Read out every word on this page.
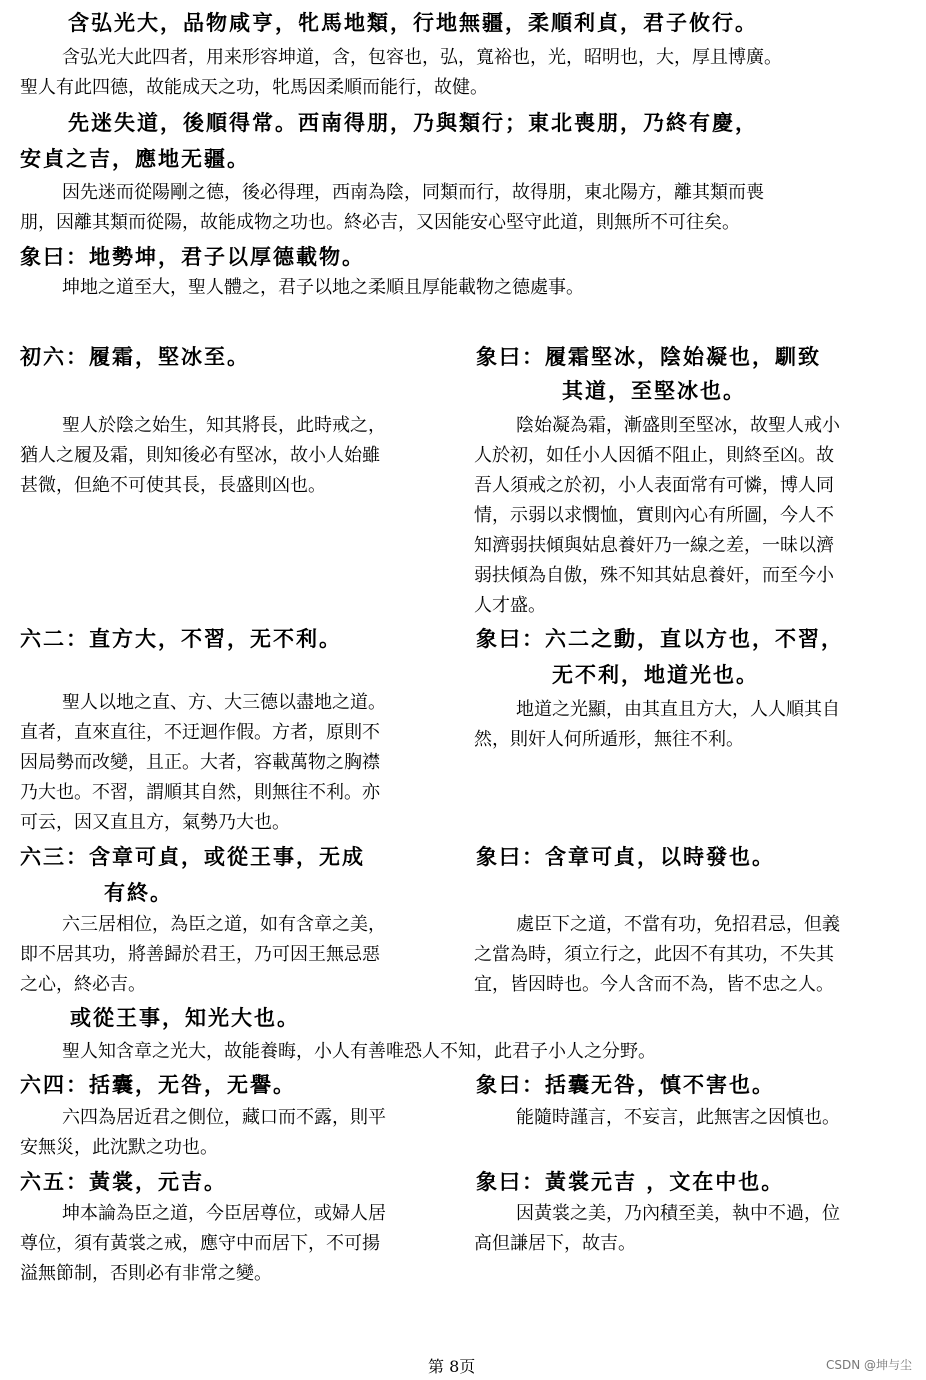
含弘光大，品物咸亨，牝馬地類，行地無疆，柔順利貞，君子攸行。
含弘光大此四者，用来形容坤道，含，包容也，弘，寬裕也，光，昭明也，大，厚且博廣。
聖人有此四德，故能成天之功，牝馬因柔順而能行，故健。
先迷失道，後順得常。西南得朋，乃與類行；東北喪朋，乃終有慶，
安貞之吉，應地无疆。
因先迷而從陽剛之德，後必得理，西南為陰，同類而行，故得朋，東北陽方，離其類而喪
朋，因離其類而從陽，故能成物之功也。終必吉，又因能安心堅守此道，則無所不可往矣。
象曰：地勢坤，君子以厚德載物。
坤地之道至大，聖人體之，君子以地之柔順且厚能載物之德處事。
初六：履霜，堅冰至。	象曰：履霜堅冰，陰始凝也，馴致
其道，至堅冰也。
聖人於陰之始生，知其將長，此時戒之，
猶人之履及霜，則知後必有堅冰，故小人始雖
甚微，但絶不可使其長，長盛則凶也。
陰始凝為霜，漸盛則至堅冰，故聖人戒小
人於初，如任小人因循不阻止，則終至凶。故
吾人須戒之於初，小人表面常有可憐，博人同
情，示弱以求憫恤，實則內心有所圖，今人不
知濟弱扶傾與姑息養奸乃一線之差，一昧以濟
弱扶傾為自傲，殊不知其姑息養奸，而至今小
人才盛。
六二：直方大，不習，无不利。	象曰：六二之動，直以方也，不習，
无不利，地道光也。
聖人以地之直、方、大三德以盡地之道。
直者，直來直往，不迂迴作假。方者，原則不
因局勢而改變，且正。大者，容載萬物之胸襟
乃大也。不習，謂順其自然，則無往不利。亦
可云，因又直且方，氣勢乃大也。
地道之光顯，由其直且方大，人人順其自
然，則奸人何所遁形，無往不利。
六三：含章可貞，或從王事，无成
有終。
象曰：含章可貞，以時發也。
六三居相位，為臣之道，如有含章之美，
即不居其功，將善歸於君王，乃可因王無忌惡
之心，終必吉。
處臣下之道，不當有功，免招君忌，但義
之當為時，須立行之，此因不有其功，不失其
宜，皆因時也。今人含而不為，皆不忠之人。
或從王事，知光大也。
聖人知含章之光大，故能養晦，小人有善唯恐人不知，此君子小人之分野。
六四：括囊，无咎，无譽。	象曰：括囊无咎，慎不害也。
六四為居近君之側位，藏口而不露，則平
安無災，此沈默之功也。
能隨時謹言，不妄言，此無害之因慎也。
六五：黃裳，元吉。	象曰：黃裳元吉 ，文在中也。
坤本論為臣之道，今臣居尊位，或婦人居
尊位，須有黃裳之戒，應守中而居下，不可揚
溢無節制，否則必有非常之變。
因黃裳之美，乃內積至美，執中不過，位
高但謙居下，故吉。
第 8页	CSDN @坤与尘
